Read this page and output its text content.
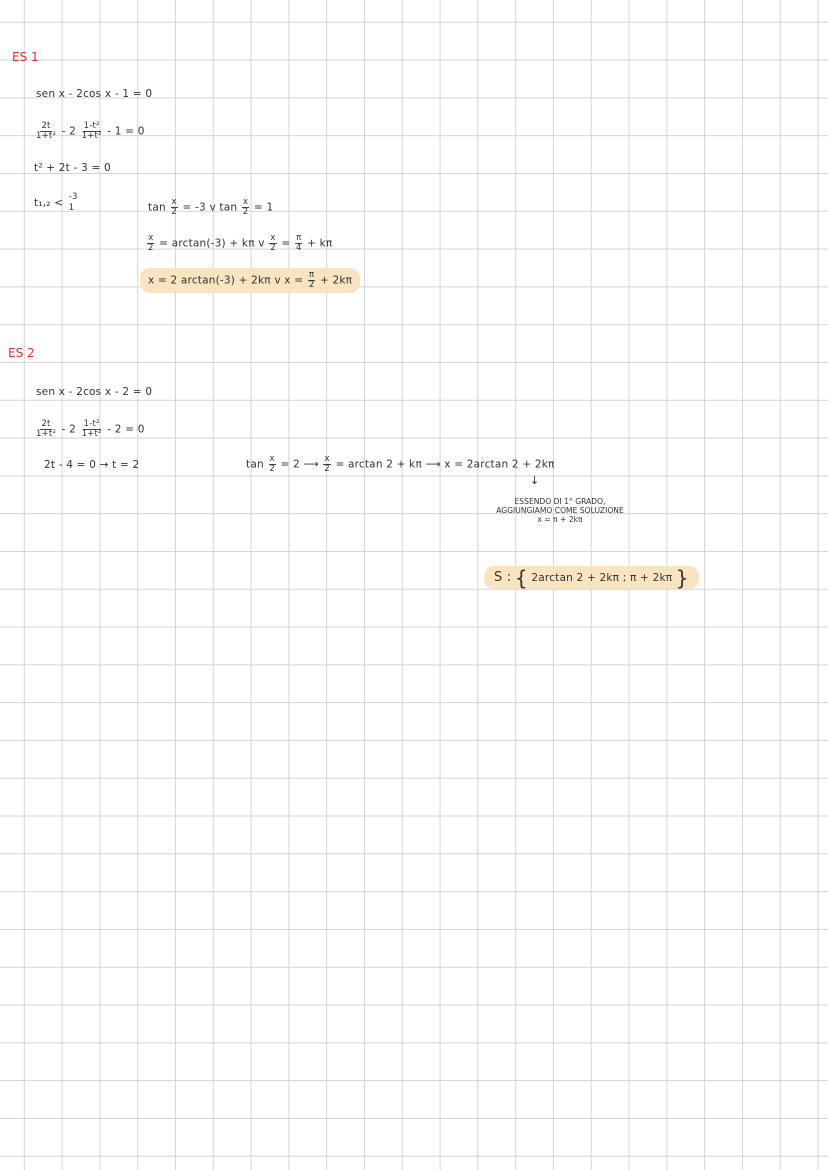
ES 1
sen x - 2cos x - 1 = 0
$\frac{2t}{\text{1+t²}} - 2 \frac{\text{1-t²}}{\text{1+t²}} - 1 = 0$
t² + 2t - 3 = 0
t₁,₂ <
-3
1	$\tan \frac{x}{2} = -3$ v $\tan \frac{x}{2} = 1$
$\frac{x}{2} = \arctan(-3) + k\pi$ v $\frac{x}{2} = \frac{\pi}{4} + k\pi$
x = 2 arctan(-3) + 2kπ v $x = \frac{\pi}{2} + 2k\pi$
ES 2
sen x - 2cos x - 2 = 0
$\frac{2t}{\text{1+t²}} - 2 \frac{\text{1-t²}}{\text{1+t²}} - 2 = 0$
2t - 4 = 0 → t = 2	$\tan \frac{x}{2} = 2$ ⟶ $\frac{x}{2} = \arctan 2 + k\pi$ ⟶ x = 2arctan 2 + 2kπ
↓
ESSENDO DI 1° GRADO,
AGGIUNGIAMO COME SOLUZIONE
x = π + 2kπ
S : { 2arctan 2 + 2kπ ; π + 2kπ }
